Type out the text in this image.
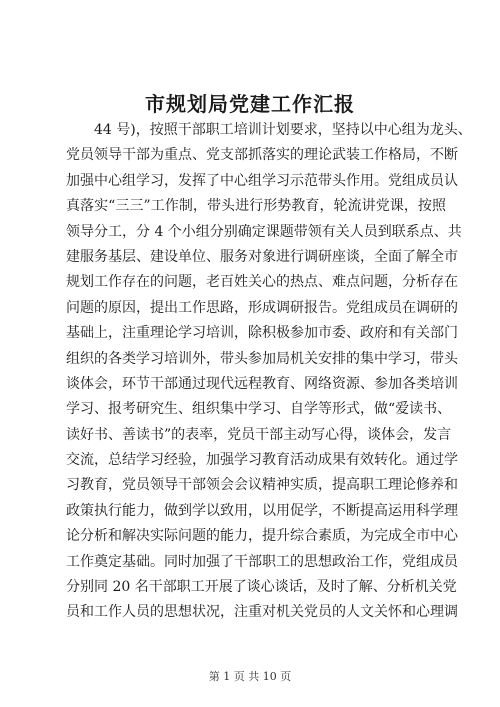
市规划局党建工作汇报
44 号)，按照干部职工培训计划要求，坚持以中心组为龙头、
党员领导干部为重点、党支部抓落实的理论武装工作格局，不断
加强中心组学习，发挥了中心组学习示范带头作用。党组成员认
真落实“三三”工作制，带头进行形势教育，轮流讲党课，按照
领导分工，分 4 个小组分别确定课题带领有关人员到联系点、共
建服务基层、建设单位、服务对象进行调研座谈，全面了解全市
规划工作存在的问题，老百姓关心的热点、难点问题，分析存在
问题的原因，提出工作思路，形成调研报告。党组成员在调研的
基础上，注重理论学习培训，除积极参加市委、政府和有关部门
组织的各类学习培训外，带头参加局机关安排的集中学习，带头
谈体会，环节干部通过现代远程教育、网络资源、参加各类培训
学习、报考研究生、组织集中学习、自学等形式，做“爱读书、
读好书、善读书”的表率，党员干部主动写心得，谈体会，发言
交流，总结学习经验，加强学习教育活动成果有效转化。通过学
习教育，党员领导干部领会会议精神实质，提高职工理论修养和
政策执行能力，做到学以致用，以用促学，不断提高运用科学理
论分析和解决实际问题的能力，提升综合素质，为完成全市中心
工作奠定基础。同时加强了干部职工的思想政治工作，党组成员
分别同 20 名干部职工开展了谈心谈话，及时了解、分析机关党
员和工作人员的思想状况，注重对机关党员的人文关怀和心理调
第 1 页 共 10 页
